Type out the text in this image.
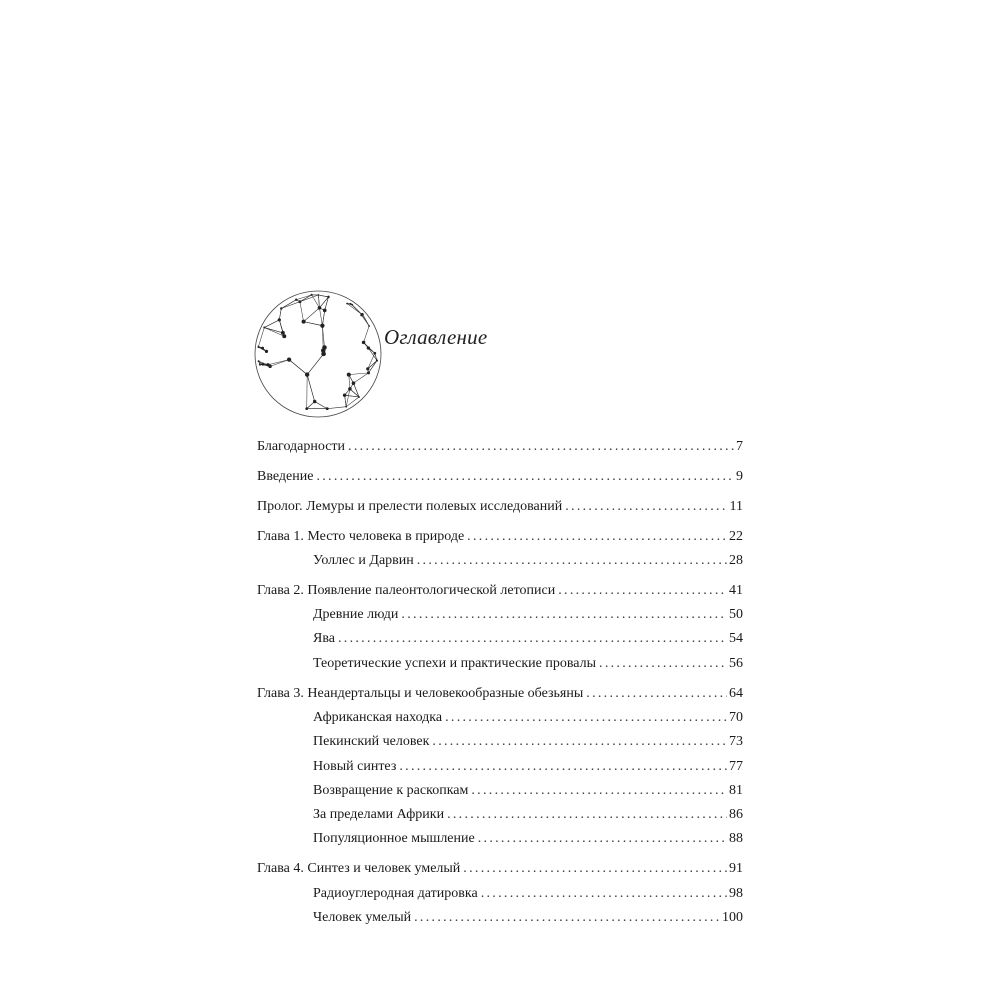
Оглавление
Благодарности . . .	7
Введение . . .	9
Пролог. Лемуры и прелести полевых исследований . . .	11
Глава 1. Место человека в природе . . .	22
Уоллес и Дарвин . . .	28
Глава 2. Появление палеонтологической летописи . . .	41
Древние люди . . .	50
Ява . . .	54
Теоретические успехи и практические провалы . . .	56
Глава 3. Неандертальцы и человекообразные обезьяны . . .	64
Африканская находка . . .	70
Пекинский человек . . .	73
Новый синтез . . .	77
Возвращение к раскопкам . . .	81
За пределами Африки . . .	86
Популяционное мышление . . .	88
Глава 4. Синтез и человек умелый . . .	91
Радиоуглеродная датировка . . .	98
Человек умелый . . .	100
